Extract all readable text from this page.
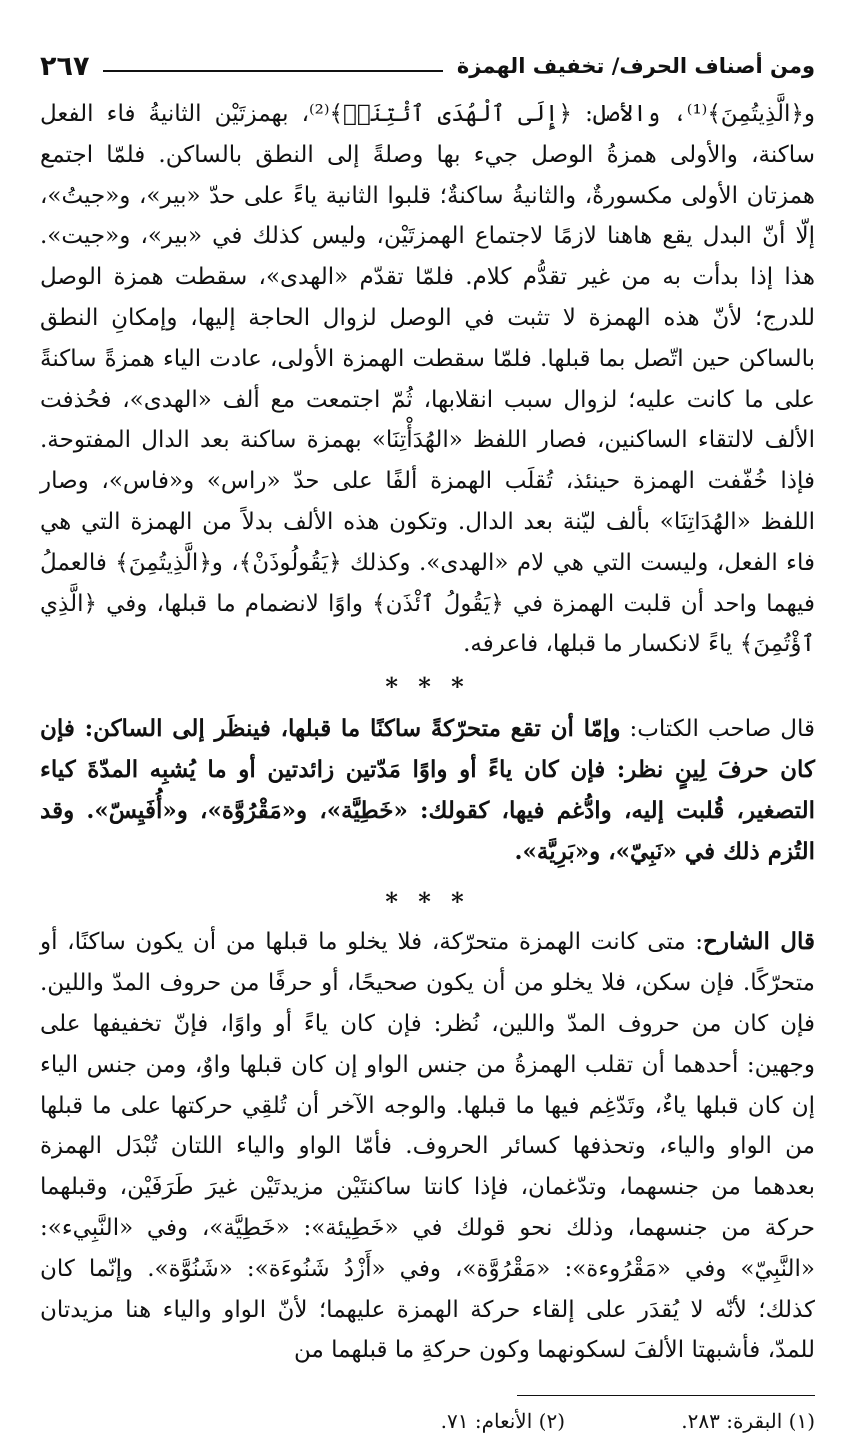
ومن أصناف الحرف/ تخفيف الهمزة
٢٦٧

و﴿الَّذِيتُمِنَ﴾⁽¹⁾، والأصل: ﴿إِلَى ٱلْهُدَى ٱئْتِنَاۗ﴾⁽²⁾، بهمزتَيْن الثانيةُ فاء الفعل ساكنة، والأولى همزةُ الوصل جيء بها وصلةً إلى النطق بالساكن. فلمّا اجتمع همزتان الأولى مكسورةٌ، والثانيةُ ساكنةٌ؛ قلبوا الثانية ياءً على حدّ «بير»، و«جيتُ»، إلّا أنّ البدل يقع هاهنا لازمًا لاجتماع الهمزتَيْن، وليس كذلك في «بير»، و«جيت». هذا إذا بدأت به من غير تقدُّم كلام. فلمّا تقدّم «الهدى»، سقطت همزة الوصل للدرج؛ لأنّ هذه الهمزة لا تثبت في الوصل لزوال الحاجة إليها، وإمكانِ النطق بالساكن حين اتّصل بما قبلها. فلمّا سقطت الهمزة الأولى، عادت الياء همزةً ساكنةً على ما كانت عليه؛ لزوال سبب انقلابها، ثُمّ اجتمعت مع ألف «الهدى»، فحُذفت الألف لالتقاء الساكنين، فصار اللفظ «الهُدَأْتِنَا» بهمزة ساكنة بعد الدال المفتوحة. فإذا خُفّفت الهمزة حينئذ، تُقلَب الهمزة ألفًا على حدّ «راس» و«فاس»، وصار اللفظ «الهُدَاتِنَا» بألف ليّنة بعد الدال. وتكون هذه الألف بدلاً من الهمزة التي هي فاء الفعل، وليست التي هي لام «الهدى». وكذلك ﴿يَقُولُوذَنْ﴾، و﴿الَّذِيتُمِنَ﴾ فالعملُ فيهما واحد أن قلبت الهمزة في ﴿يَقُولُ ٱئْذَن﴾ واوًا لانضمام ما قبلها، وفي ﴿الَّذِي ٱؤْتُمِنَ﴾ ياءً لانكسار ما قبلها، فاعرفه.

* * *

قال صاحب الكتاب: وإمّا أن تقع متحرّكةً ساكنًا ما قبلها، فينظَر إلى الساكن: فإن كان حرفَ لِينٍ نظر: فإن كان ياءً أو واوًا مَدّتين زائدتين أو ما يُشبِه المدّةَ كياء التصغير، قُلبت إليه، وادُّغم فيها، كقولك: «خَطِيَّة»، و«مَقْرُوَّة»، و«أُفَيِسّ». وقد التُزم ذلك في «نَبِيّ»، و«بَرِيَّة».

* * *

قال الشارح: متى كانت الهمزة متحرّكة، فلا يخلو ما قبلها من أن يكون ساكنًا، أو متحرّكًا. فإن سكن، فلا يخلو من أن يكون صحيحًا، أو حرفًا من حروف المدّ واللين. فإن كان من حروف المدّ واللين، نُظر: فإن كان ياءً أو واوًا، فإنّ تخفيفها على وجهين: أحدهما أن تقلب الهمزةُ من جنس الواو إن كان قبلها واوٌ، ومن جنس الياء إن كان قبلها ياءٌ، وتَدّغِم فيها ما قبلها. والوجه الآخر أن تُلقِي حركتها على ما قبلها من الواو والياء، وتحذفها كسائر الحروف. فأمّا الواو والياء اللتان تُبْدَل الهمزة بعدهما من جنسهما، وتدّغمان، فإذا كانتا ساكنتَيْن مزيدتَيْن غيرَ طَرَفَيْن، وقبلهما حركة من جنسهما، وذلك نحو قولك في «خَطِيئة»: «خَطِيَّة»، وفي «النَّبِيء»: «النَّبِيّ» وفي «مَقْرُوءة»: «مَقْرُوَّة»، وفي «أَزْدُ شَنُوءَة»: «شَنُوَّة». وإنّما كان كذلك؛ لأنّه لا يُقدَر على إلقاء حركة الهمزة عليهما؛ لأنّ الواو والياء هنا مزيدتان للمدّ، فأشبهتا الألفَ لسكونهما وكون حركةِ ما قبلهما من

(١) البقرة: ٢٨٣.
(٢) الأنعام: ٧١.
